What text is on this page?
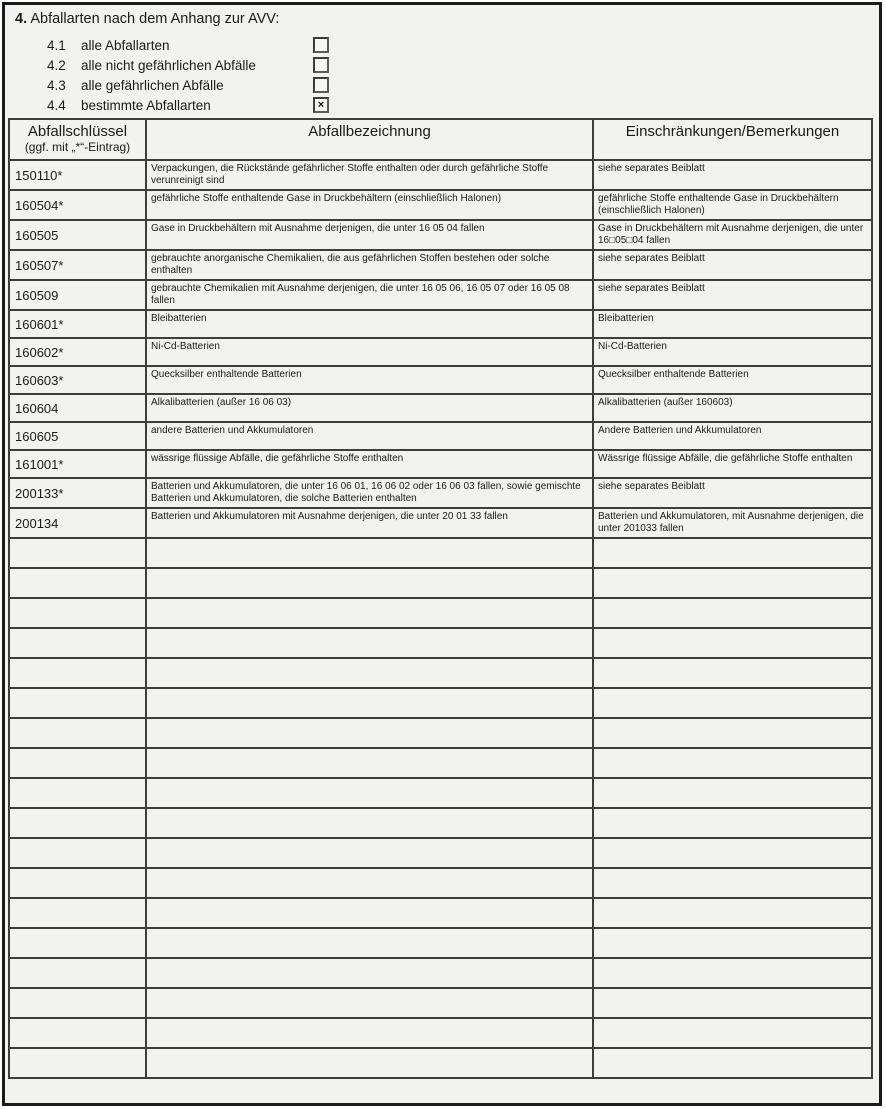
4. Abfallarten nach dem Anhang zur AVV:
4.1	alle Abfallarten
4.2	alle nicht gefährlichen Abfälle
4.3	alle gefährlichen Abfälle
4.4	bestimmte Abfallarten	×
Abfallschlüssel
(ggf. mit „*“-Eintrag)	Abfallbezeichnung	Einschränkungen/Bemerkungen
150110*	Verpackungen, die Rückstände gefährlicher Stoffe enthalten oder durch gefährliche Stoffe verunreinigt sind	siehe separates Beiblatt
160504*	gefährliche Stoffe enthaltende Gase in Druckbehältern (einschließlich Halonen)	gefährliche Stoffe enthaltende Gase in Druckbehältern (einschließlich Halonen)
160505	Gase in Druckbehältern mit Ausnahme derjenigen, die unter 16 05 04 fallen	Gase in Druckbehältern mit Ausnahme derjenigen, die unter 16□05□04 fallen
160507*	gebrauchte anorganische Chemikalien, die aus gefährlichen Stoffen bestehen oder solche enthalten	siehe separates Beiblatt
160509	gebrauchte Chemikalien mit Ausnahme derjenigen, die unter 16 05 06, 16 05 07 oder 16 05 08 fallen	siehe separates Beiblatt
160601*	Bleibatterien	Bleibatterien
160602*	Ni-Cd-Batterien	Ni-Cd-Batterien
160603*	Quecksilber enthaltende Batterien	Quecksilber enthaltende Batterien
160604	Alkalibatterien (außer 16 06 03)	Alkalibatterien (außer 160603)
160605	andere Batterien und Akkumulatoren	Andere Batterien und Akkumulatoren
161001*	wässrige flüssige Abfälle, die gefährliche Stoffe enthalten	Wässrige flüssige Abfälle, die gefährliche Stoffe enthalten
200133*	Batterien und Akkumulatoren, die unter 16 06 01, 16 06 02 oder 16 06 03 fallen, sowie gemischte Batterien und Akkumulatoren, die solche Batterien enthalten	siehe separates Beiblatt
200134	Batterien und Akkumulatoren mit Ausnahme derjenigen, die unter 20 01 33 fallen	Batterien und Akkumulatoren, mit Ausnahme derjenigen, die unter 201033 fallen
